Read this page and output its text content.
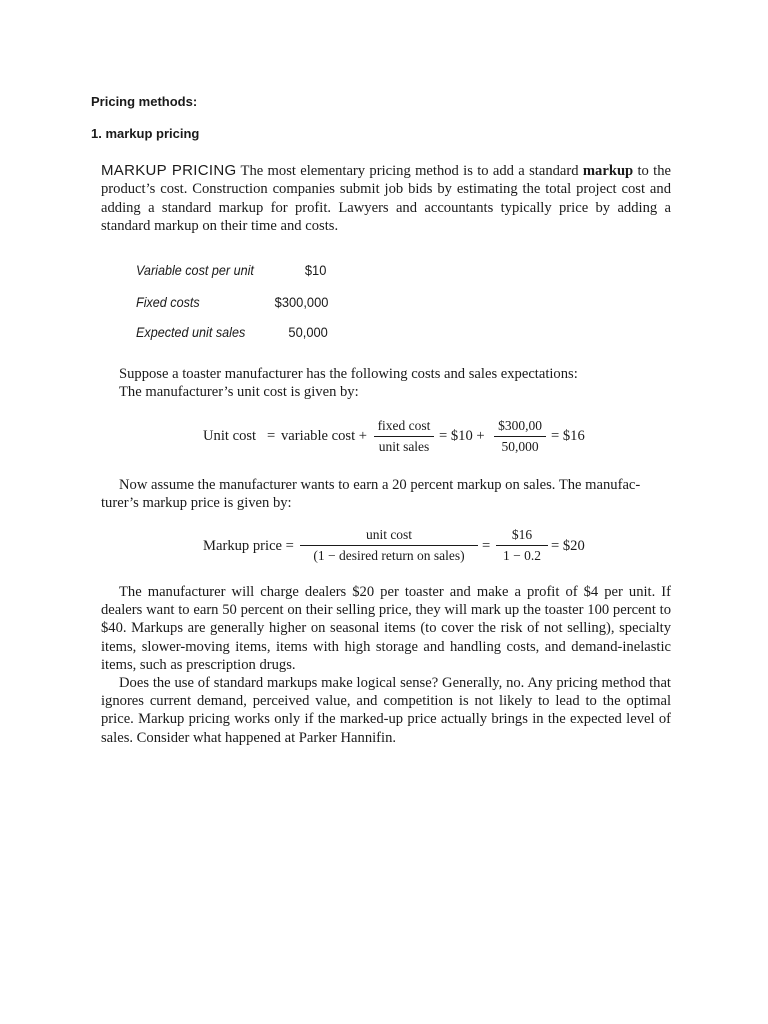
Pricing methods:
1. markup pricing
MARKUP PRICING The most elementary pricing method is to add a standard markup to the product’s cost. Construction companies submit job bids by estimating the total project cost and adding a standard markup for profit. Lawyers and accountants typically price by adding a standard markup on their time and costs.
Variable cost per unit	$10
Fixed costs	$300,000
Expected unit sales	50,000
Suppose a toaster manufacturer has the following costs and sales expectations:
The manufacturer’s unit cost is given by:
Unit cost = variable cost +
fixed cost
unit sales
= $10 + $\frac{\$300,00}{50,000}$ = $16
Now assume the manufacturer wants to earn a 20 percent markup on sales. The manufac-
turer’s markup price is given by:
Markup price =
unit cost
(1 − desired return on sales)
= $\frac{\$16}{1 - 0.2}$ = $20
The manufacturer will charge dealers $20 per toaster and make a profit of $4 per unit. If dealers want to earn 50 percent on their selling price, they will mark up the toaster 100 percent to $40. Markups are generally higher on seasonal items (to cover the risk of not selling), specialty items, slower-moving items, items with high storage and handling costs, and demand-inelastic items, such as prescription drugs.
Does the use of standard markups make logical sense? Generally, no. Any pricing method that ignores current demand, perceived value, and competition is not likely to lead to the optimal price. Markup pricing works only if the marked-up price actually brings in the expected level of sales. Consider what happened at Parker Hannifin.
